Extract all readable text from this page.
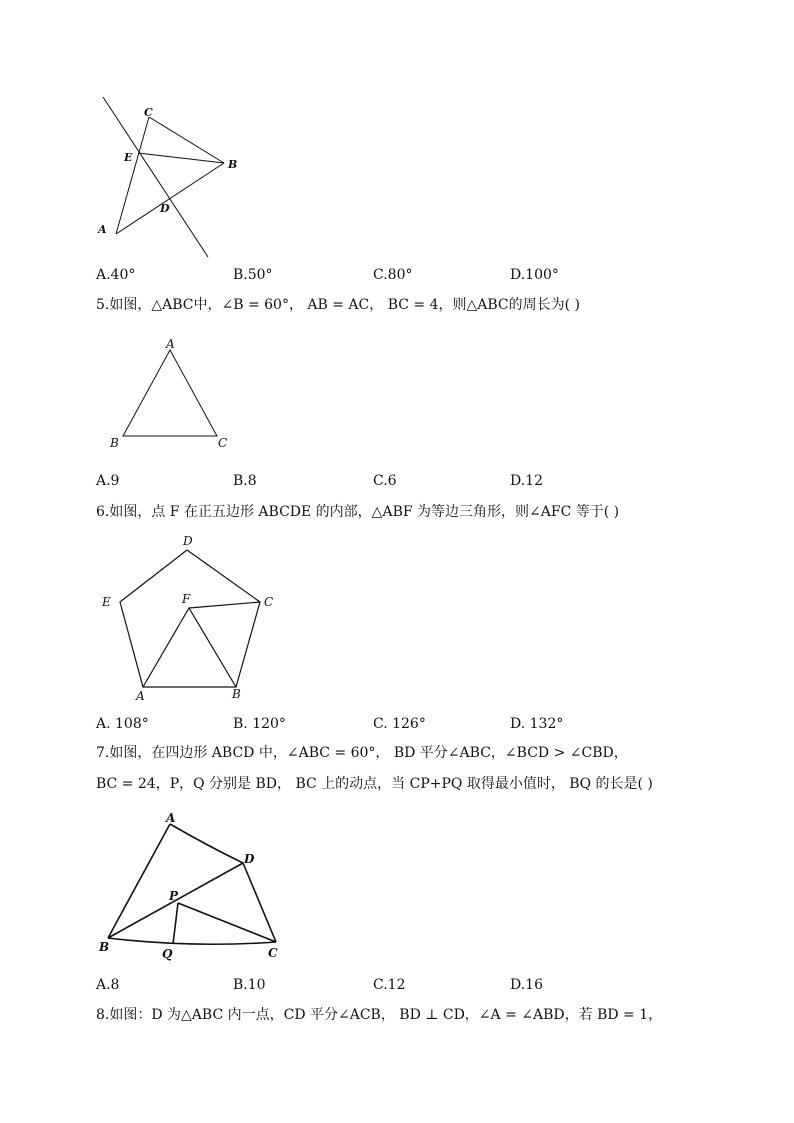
C
E
B
D
A
A.40°	B.50°	C.80°	D.100°
5.如图，△ABC中，∠B = 60°， AB = AC， BC = 4，则△ABC的周长为( )
A
B	C
A.9	B.8	C.6	D.12
6.如图，点 F 在正五边形 ABCDE 的内部，△ABF 为等边三角形，则∠AFC 等于( )
D
E	F	C
A	B
A. 108°	B. 120°	C. 126°	D. 132°
7.如图，在四边形 ABCD 中，∠ABC = 60°， BD 平分∠ABC，∠BCD > ∠CBD，
BC = 24，P，Q 分别是 BD， BC 上的动点，当 CP+PQ 取得最小值时， BQ 的长是( )
A
D
P
B	Q	C
A.8	B.10	C.12	D.16
8.如图：D 为△ABC 内一点，CD 平分∠ACB， BD ⊥ CD，∠A = ∠ABD，若 BD = 1，
